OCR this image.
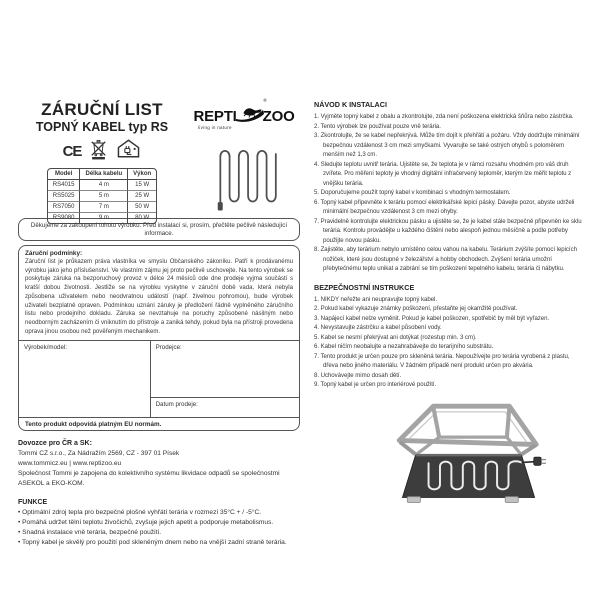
ZÁRUČNÍ LIST
TOPNÝ KABEL typ RS
CE
Model	Délka kabelu	Výkon
RS4015	4 m	15 W
RS5025	5 m	25 W
RS7050	7 m	50 W
RS9080	9 m	80 W
REPTI
®
ZOO
living in nature
Děkujeme za zakoupení tohoto výrobku. Před instalací si, prosím, přečtěte pečlivě následující informace.
Záruční podmínky:
Záruční list je průkazem práva vlastníka ve smyslu Občanského zákoníku. Patří k prodávanému výrobku jako jeho příslušenství. Ve vlastním zájmu jej proto pečlivě uschovejte. Na tento výrobek se poskytuje záruka na bezporuchový provoz v délce 24 měsíců ode dne prodeje vyjma součástí s kratší dobou životnosti. Jestliže se na výrobku vyskytne v záruční době vada, která nebyla způsobena uživatelem nebo neodvratnou událostí (např. živelnou pohromou), bude výrobek uživateli bezplatně opraven. Podmínkou uznání záruky je předložení řádně vyplněného záručního listu nebo prodejního dokladu. Záruka se nevztahuje na poruchy způsobené násilným nebo neodborným zacházením či vniknutím do přístroje a zaniká tehdy, pokud byla na přístroji provedena oprava jinou osobou než pověřeným mechanikem.
Výrobek/model:	Prodejce:
Datum prodeje:
Tento produkt odpovídá platným EU normám.
Dovozce pro ČR a SK:
Tommi CZ s.r.o., Za Nádražím 2569, CZ - 397 01 Písek
www.tommicz.eu | www.reptizoo.eu
Společnost Tommi je zapojena do kolektivního systému likvidace odpadů se společnostmi ASEKOL a EKO-KOM.
FUNKCE
• Optimální zdroj tepla pro bezpečné plošné vyhřátí terária v rozmezí 35°C + / -5°C.
• Pomáhá udržet tělní teplotu živočichů, zvyšuje jejich apetit a podporuje metabolismus.
• Snadná instalace vně terária, bezpečné použití.
• Topný kabel je skvělý pro použití pod skleněným dnem nebo na vnější zadní straně terária.
NÁVOD K INSTALACI
1. Vyjměte topný kabel z obalu a zkontrolujte, zda není poškozena elektrická šňůra nebo zástrčka.
2. Tento výrobek lze používat pouze vně terária.
3. Zkontrolujte, že se kabel nepřekrývá. Může tím dojít k přehřátí a požáru. Vždy dodržujte minimální bezpečnou vzdálenost 3 cm mezi smyčkami. Vyvarujte se také ostrých ohybů s poloměrem menším než 1,3 cm.
4. Sledujte teplotu uvnitř terária. Ujistěte se, že teplota je v rámci rozsahu vhodném pro váš druh zvířete. Pro měření teploty je vhodný digitální infračervený teploměr, kterým lze měřit teplotu z vnějšku terária.
5. Doporučujeme použít topný kabel v kombinaci s vhodným termostatem.
6. Topný kabel připevněte k teráriu pomocí elektrikářské lepicí pásky. Dávejte pozor, abyste udrželi minimální bezpečnou vzdálenost 3 cm mezi ohyby.
7. Pravidelně kontrolujte elektrickou pásku a ujistěte se, že je kabel stále bezpečně připevněn ke sklu terária. Kontrolu provádějte u každého čištění nebo alespoň jednou měsíčně a podle potřeby použijte novou pásku.
8. Zajistěte, aby terárium nebylo umístěno celou vahou na kabelu. Terárium zvýšíte pomocí lepicích nožiček, které jsou dostupné v železářství a hobby obchodech. Zvýšení terária umožní přebytečnému teplu unikat a zabrání se tím poškození tepelného kabelu, terária či nábytku.
BEZPEČNOSTNÍ INSTRUKCE
1. NIKDY neřežte ani neupravujte topný kabel.
2. Pokud kabel vykazuje známky poškození, přestaňte jej okamžitě používat.
3. Napájecí kabel nelze vyměnit. Pokud je kabel poškozen, spotřebič by měl být vyřazen.
4. Nevystavujte zástrčku a kabel působení vody.
5. Kabel se nesmí překrývat ani dotýkat (rozestup min. 3 cm).
6. Kabel ničím neobalujte a nezahrabávejte do terarijního substrátu.
7. Tento produkt je určen pouze pro skleněná terária. Nepoužívejte pro terária vyrobená z plastu, dřeva nebo jiného materiálu. V žádném případě není produkt určen pro akvária.
8. Uchovávejte mimo dosah dětí.
9. Topný kabel je určen pro interiérové použití.
